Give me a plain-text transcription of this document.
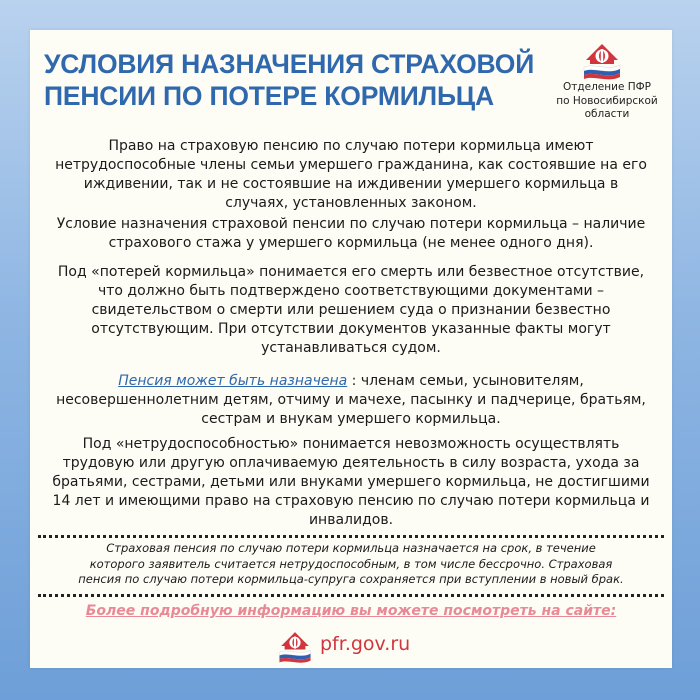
УСЛОВИЯ НАЗНАЧЕНИЯ СТРАХОВОЙ
ПЕНСИИ ПО ПОТЕРЕ КОРМИЛЬЦА	Отделение ПФР
по Новосибирской
области
Право на страховую пенсию по случаю потери кормильца имеют
нетрудоспособные члены семьи умершего гражданина, как состоявшие на его
иждивении, так и не состоявшие на иждивении умершего кормильца в
случаях, установленных законом.
Условие назначения страховой пенсии по случаю потери кормильца – наличие
страхового стажа у умершего кормильца (не менее одного дня).
Под «потерей кормильца» понимается его смерть или безвестное отсутствие,
что должно быть подтверждено соответствующими документами –
свидетельством о смерти или решением суда о признании безвестно
отсутствующим. При отсутствии документов указанные факты могут
устанавливаться судом.
Пенсия может быть назначена : членам семьи, усыновителям,
несовершеннолетним детям, отчиму и мачехе, пасынку и падчерице, братьям,
сестрам и внукам умершего кормильца.
Под «нетрудоспособностью» понимается невозможность осуществлять
трудовую или другую оплачиваемую деятельность в силу возраста, ухода за
братьями, сестрами, детьми или внуками умершего кормильца, не достигшими
14 лет и имеющими право на страховую пенсию по случаю потери кормильца и
инвалидов.
Страховая пенсия по случаю потери кормильца назначается на срок, в течение
которого заявитель считается нетрудоспособным, в том числе бессрочно. Страховая
пенсия по случаю потери кормильца-супруга сохраняется при вступлении в новый брак.
Более подробную информацию вы можете посмотреть на сайте:
pfr.gov.ru
